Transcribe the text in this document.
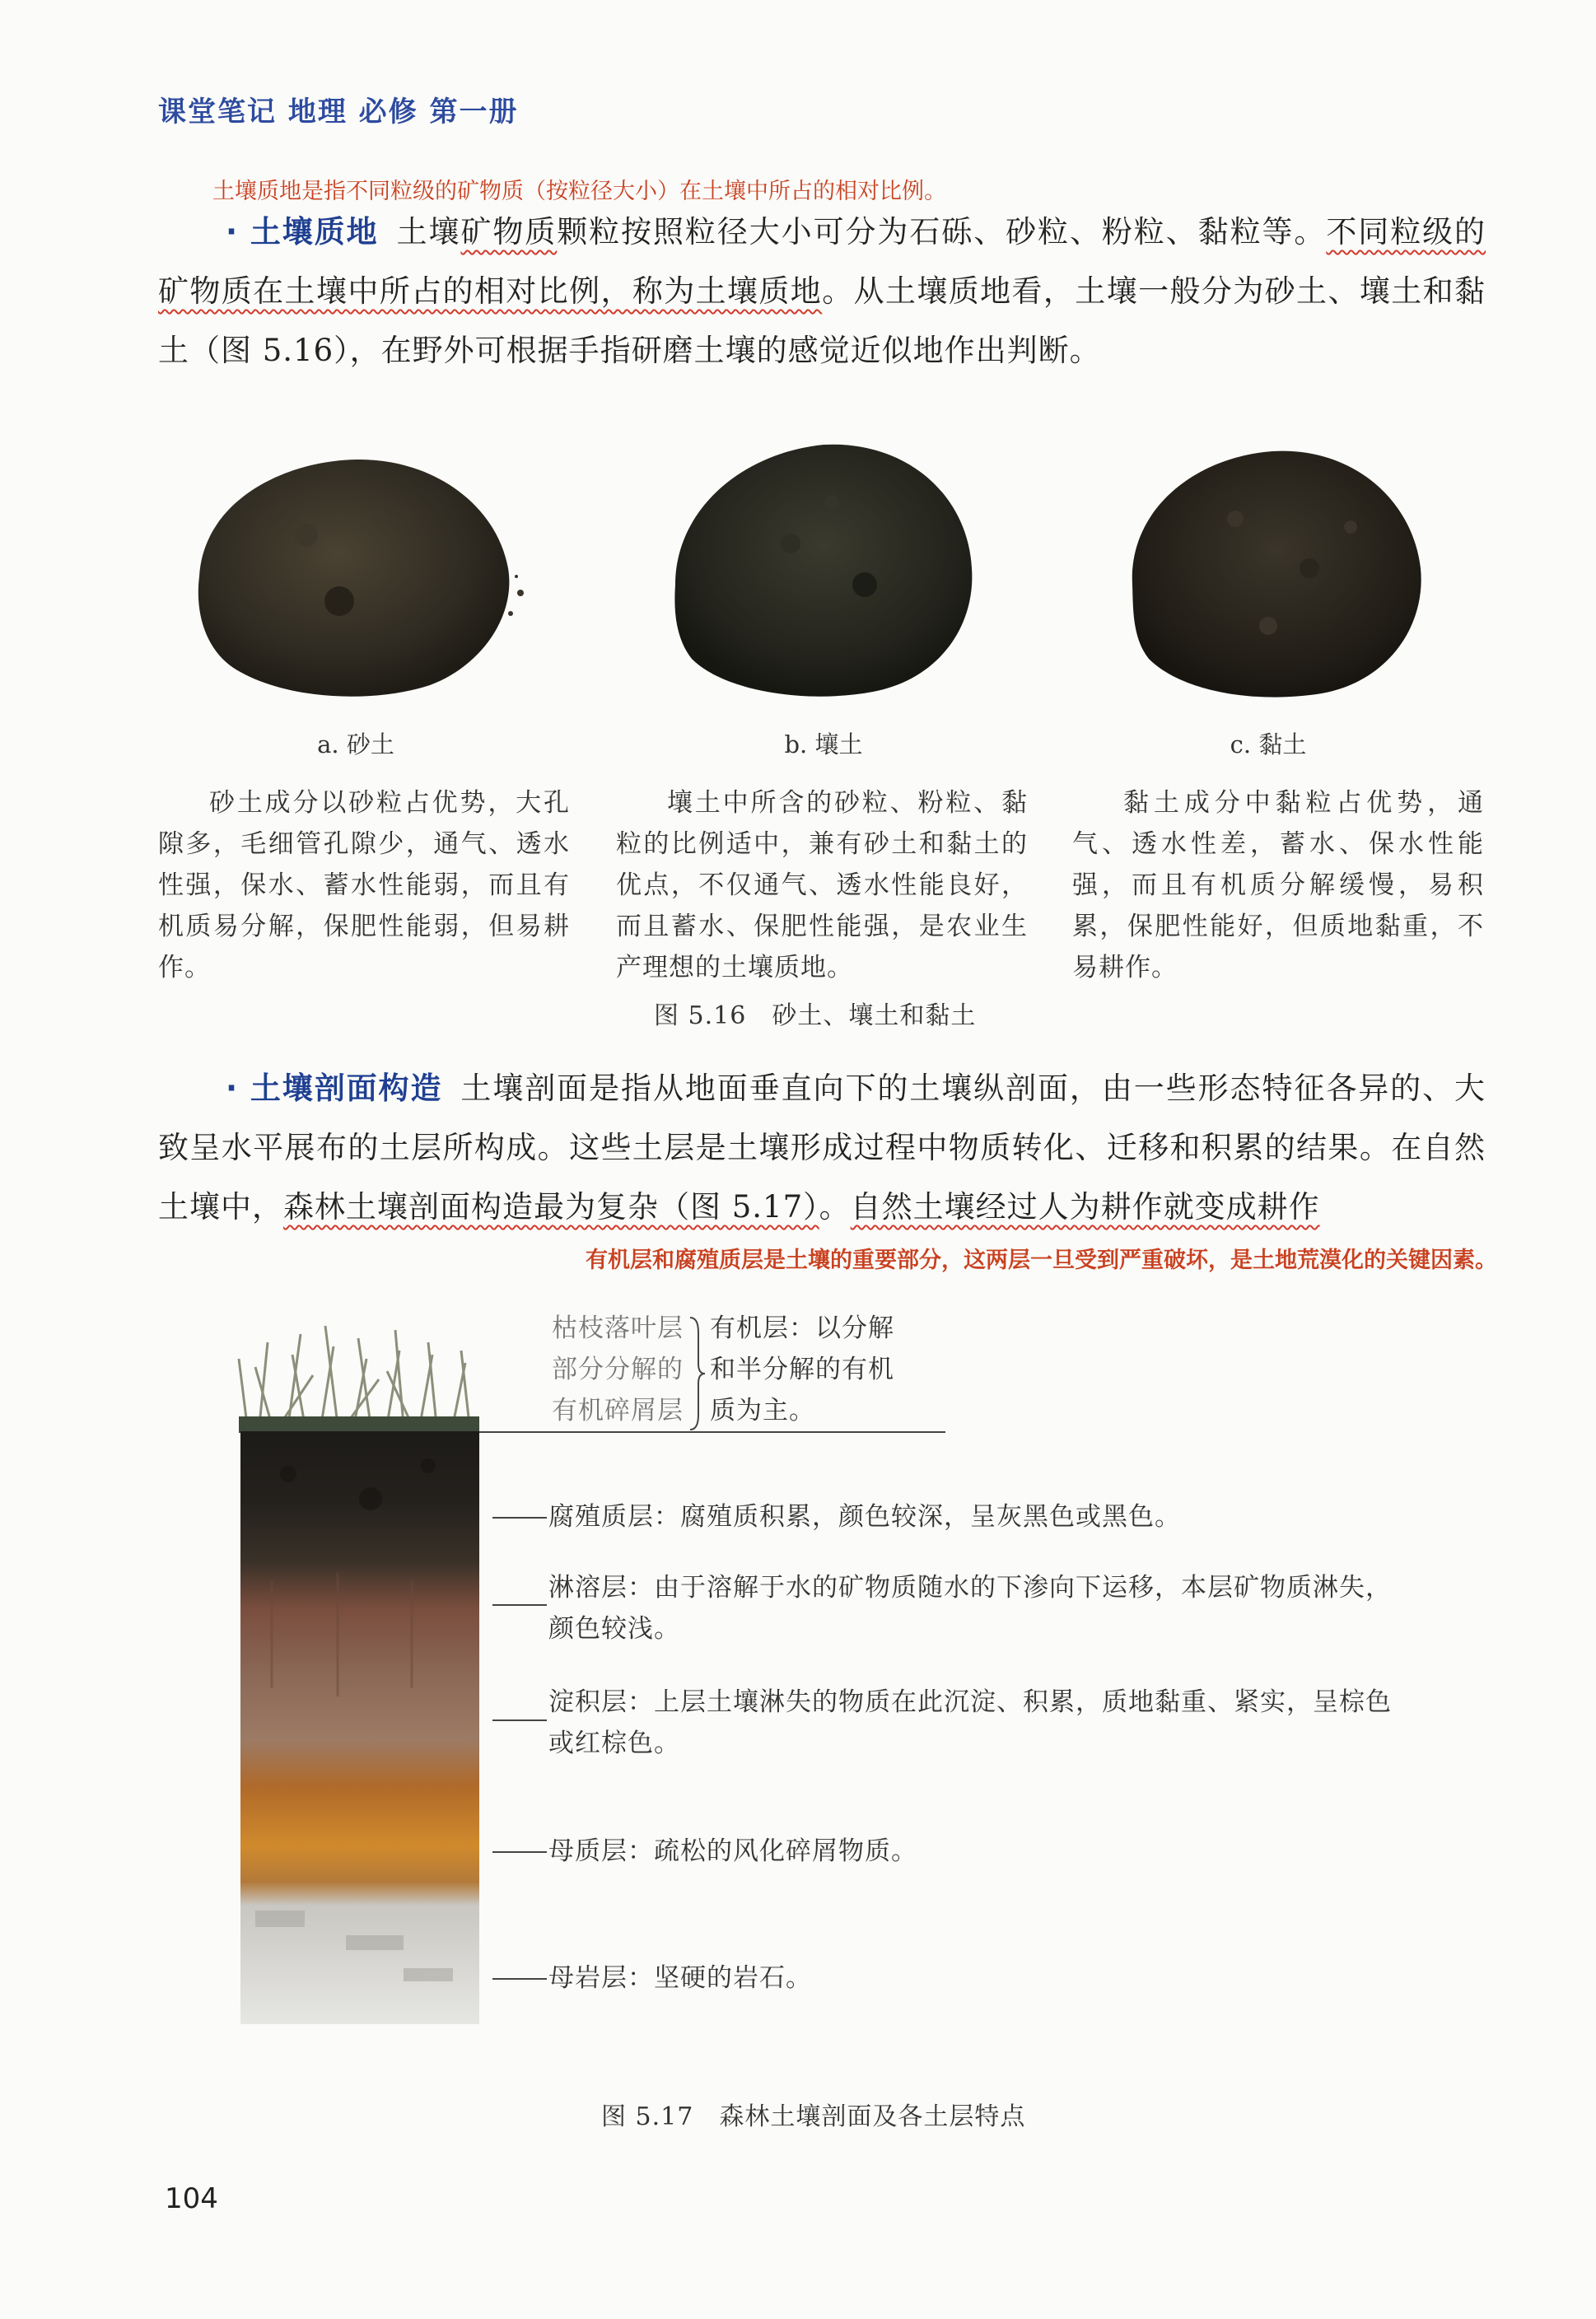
课堂笔记 地理 必修 第一册
土壤质地是指不同粒级的矿物质（按粒径大小）在土壤中所占的相对比例。
· 土壤质地 土壤矿物质颗粒按照粒径大小可分为石砾、砂粒、粉粒、黏粒等。不同粒级的矿物质在土壤中所占的相对比例，称为土壤质地。从土壤质地看，土壤一般分为砂土、壤土和黏土（图 5.16），在野外可根据手指研磨土壤的感觉近似地作出判断。
a. 砂土	b. 壤土	c. 黏土
砂土成分以砂粒占优势，大孔隙多，毛细管孔隙少，通气、透水性强，保水、蓄水性能弱，而且有机质易分解，保肥性能弱，但易耕作。
壤土中所含的砂粒、粉粒、黏粒的比例适中，兼有砂土和黏土的优点，不仅通气、透水性能良好，而且蓄水、保肥性能强，是农业生产理想的土壤质地。
黏土成分中黏粒占优势，通气、透水性差，蓄水、保水性能强，而且有机质分解缓慢，易积累，保肥性能好，但质地黏重，不易耕作。
图 5.16　砂土、壤土和黏土
· 土壤剖面构造 土壤剖面是指从地面垂直向下的土壤纵剖面，由一些形态特征各异的、大致呈水平展布的土层所构成。这些土层是土壤形成过程中物质转化、迁移和积累的结果。在自然土壤中，森林土壤剖面构造最为复杂（图 5.17）。自然土壤经过人为耕作就变成耕作
有机层和腐殖质层是土壤的重要部分，这两层一旦受到严重破坏，是土地荒漠化的关键因素。
枯枝落叶层
部分分解的
有机碎屑层
有机层：以分解
和半分解的有机
质为主。
腐殖质层：腐殖质积累，颜色较深，呈灰黑色或黑色。
淋溶层：由于溶解于水的矿物质随水的下渗向下运移，本层矿物质淋失，
颜色较浅。
淀积层：上层土壤淋失的物质在此沉淀、积累，质地黏重、紧实，呈棕色
或红棕色。
母质层：疏松的风化碎屑物质。
母岩层：坚硬的岩石。
图 5.17　森林土壤剖面及各土层特点
104
